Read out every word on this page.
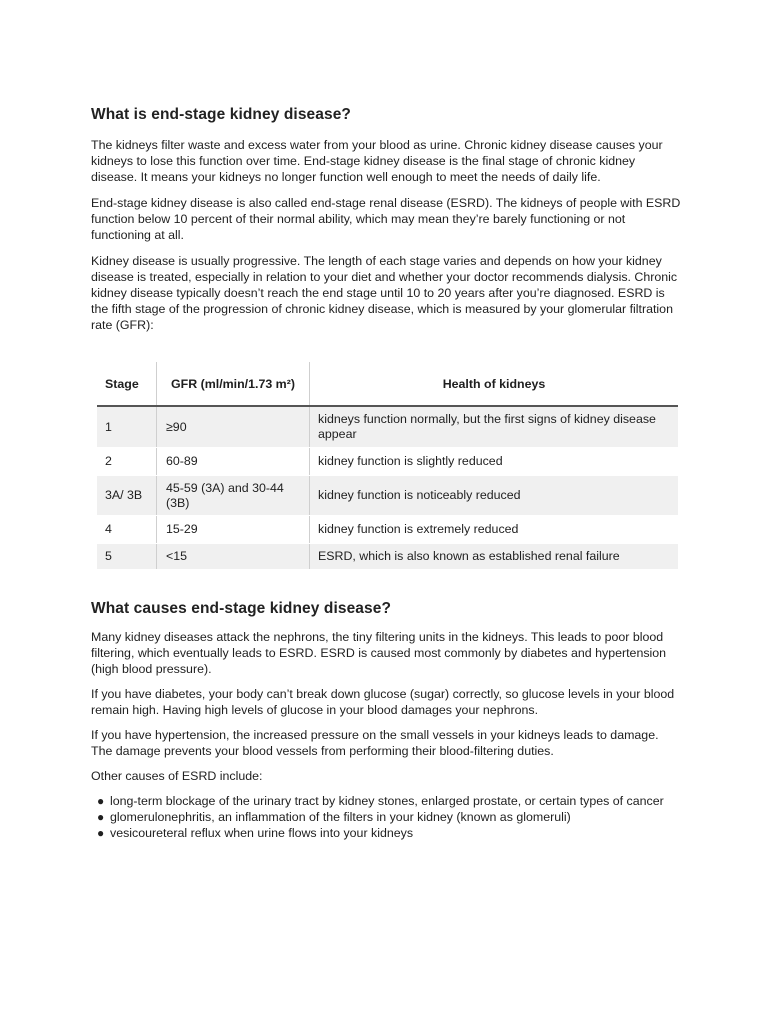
What is end-stage kidney disease?

The kidneys filter waste and excess water from your blood as urine. Chronic kidney disease causes your kidneys to lose this function over time. End-stage kidney disease is the final stage of chronic kidney disease. It means your kidneys no longer function well enough to meet the needs of daily life.

End-stage kidney disease is also called end-stage renal disease (ESRD). The kidneys of people with ESRD function below 10 percent of their normal ability, which may mean they’re barely functioning or not functioning at all.

Kidney disease is usually progressive. The length of each stage varies and depends on how your kidney disease is treated, especially in relation to your diet and whether your doctor recommends dialysis. Chronic kidney disease typically doesn’t reach the end stage until 10 to 20 years after you’re diagnosed. ESRD is the fifth stage of the progression of chronic kidney disease, which is measured by your glomerular filtration rate (GFR):

Stage	GFR (ml/min/1.73 m²)	Health of kidneys
1	≥90	kidneys function normally, but the first signs of kidney disease appear
2	60-89	kidney function is slightly reduced
3A/ 3B	45-59 (3A) and 30-44 (3B)	kidney function is noticeably reduced
4	15-29	kidney function is extremely reduced
5	<15	ESRD, which is also known as established renal failure
What causes end-stage kidney disease?

Many kidney diseases attack the nephrons, the tiny filtering units in the kidneys. This leads to poor blood filtering, which eventually leads to ESRD. ESRD is caused most commonly by diabetes and hypertension (high blood pressure).

If you have diabetes, your body can’t break down glucose (sugar) correctly, so glucose levels in your blood remain high. Having high levels of glucose in your blood damages your nephrons.

If you have hypertension, the increased pressure on the small vessels in your kidneys leads to damage. The damage prevents your blood vessels from performing their blood-filtering duties.

Other causes of ESRD include:

● long-term blockage of the urinary tract by kidney stones, enlarged prostate, or certain types of cancer
● glomerulonephritis, an inflammation of the filters in your kidney (known as glomeruli)
● vesicoureteral reflux when urine flows into your kidneys
